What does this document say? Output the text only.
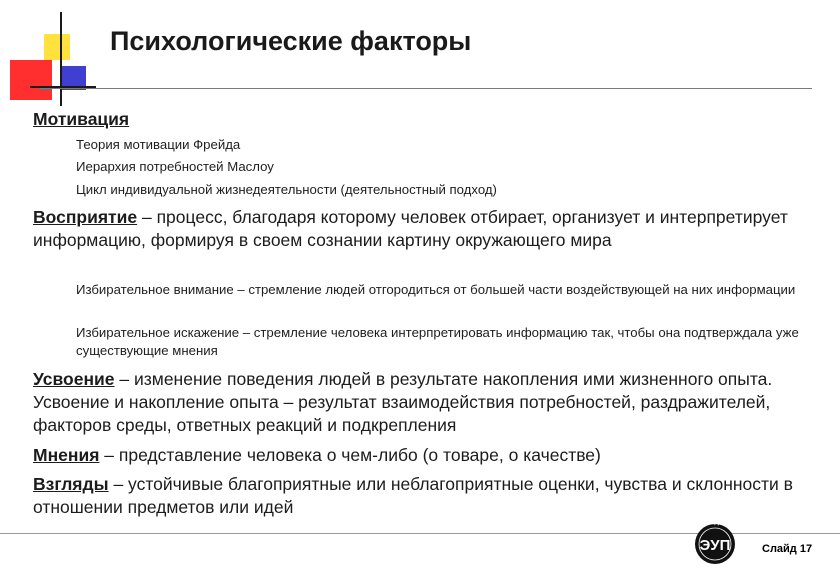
Психологические факторы
Мотивация
Теория мотивации Фрейда
Иерархия потребностей Маслоу
Цикл индивидуальной жизнедеятельности (деятельностный подход)
Восприятие – процесс, благодаря которому человек отбирает, организует и интерпретирует информацию, формируя в своем сознании картину окружающего мира
Избирательное внимание – стремление людей отгородиться от большей части воздействующей на них информации
Избирательное искажение – стремление человека интерпретировать информацию так, чтобы она подтверждала уже существующие мнения
Усвоение – изменение поведения людей в результате накопления ими жизненного опыта. Усвоение и накопление опыта – результат взаимодействия потребностей, раздражителей, факторов среды, ответных реакций и подкрепления
Мнения – представление человека о чем-либо (о товаре, о качестве)
Взгляды – устойчивые благоприятные или неблагоприятные оценки, чувства и склонности в отношении предметов или идей
КАФЕДРА
ЭУП	Слайд 17
